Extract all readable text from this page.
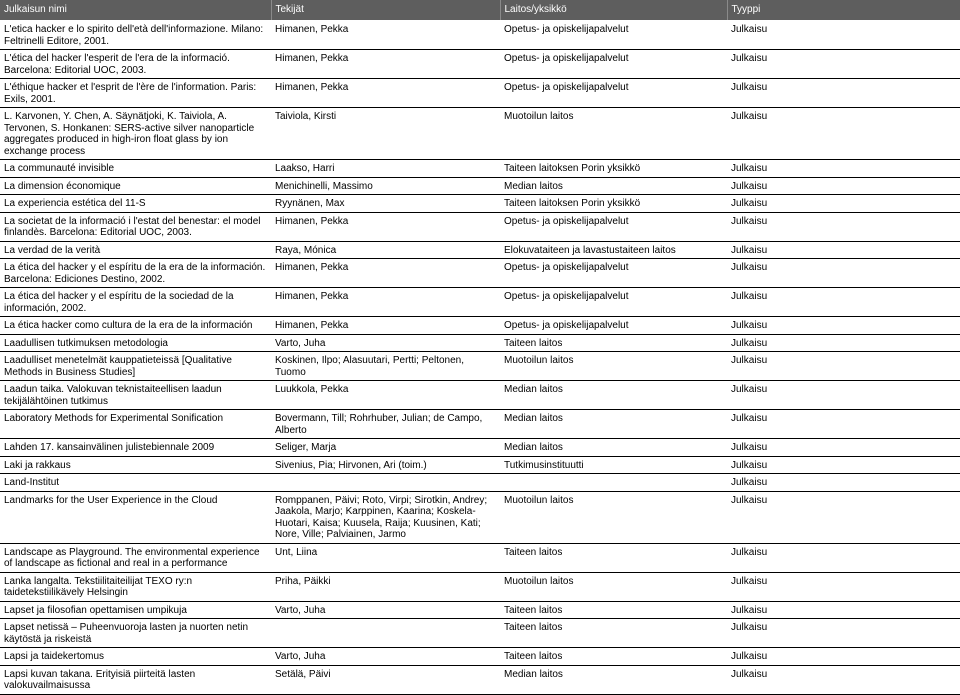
Julkaisun nimi	Tekijät	Laitos/yksikkö	Tyyppi
L'etica hacker e lo spirito dell'età dell'informazione. Milano: Feltrinelli Editore, 2001.	Himanen, Pekka	Opetus- ja opiskelijapalvelut	Julkaisu
L'ética del hacker l'esperit de l'era de la informació. Barcelona: Editorial UOC, 2003.	Himanen, Pekka	Opetus- ja opiskelijapalvelut	Julkaisu
L'éthique hacker et l'esprit de l'ère de l'information. Paris: Exils, 2001.	Himanen, Pekka	Opetus- ja opiskelijapalvelut	Julkaisu
L. Karvonen, Y. Chen, A. Säynätjoki, K. Taiviola, A. Tervonen, S. Honkanen: SERS-active silver nanoparticle aggregates produced in high-iron float glass by ion exchange process	Taiviola, Kirsti	Muotoilun laitos	Julkaisu
La communauté invisible	Laakso, Harri	Taiteen laitoksen Porin yksikkö	Julkaisu
La dimension économique	Menichinelli, Massimo	Median laitos	Julkaisu
La experiencia estética del 11-S	Ryynänen, Max	Taiteen laitoksen Porin yksikkö	Julkaisu
La societat de la informació i l'estat del benestar: el model finlandès. Barcelona: Editorial UOC, 2003.	Himanen, Pekka	Opetus- ja opiskelijapalvelut	Julkaisu
La verdad de la verità	Raya, Mónica	Elokuvataiteen ja lavastustaiteen laitos	Julkaisu
La ética del hacker y el espíritu de la era de la información. Barcelona: Ediciones Destino, 2002.	Himanen, Pekka	Opetus- ja opiskelijapalvelut	Julkaisu
La ética del hacker y el espíritu de la sociedad de la información, 2002.	Himanen, Pekka	Opetus- ja opiskelijapalvelut	Julkaisu
La ética hacker como cultura de la era de la información	Himanen, Pekka	Opetus- ja opiskelijapalvelut	Julkaisu
Laadullisen tutkimuksen metodologia	Varto, Juha	Taiteen laitos	Julkaisu
Laadulliset menetelmät kauppatieteissä [Qualitative Methods in Business Studies]	Koskinen, Ilpo; Alasuutari, Pertti; Peltonen, Tuomo	Muotoilun laitos	Julkaisu
Laadun taika. Valokuvan teknistaiteellisen laadun tekijälähtöinen tutkimus	Luukkola, Pekka	Median laitos	Julkaisu
Laboratory Methods for Experimental Sonification	Bovermann, Till; Rohrhuber, Julian; de Campo, Alberto	Median laitos	Julkaisu
Lahden 17. kansainvälinen julistebiennale 2009	Seliger, Marja	Median laitos	Julkaisu
Laki ja rakkaus	Sivenius, Pia; Hirvonen, Ari (toim.)	Tutkimusinstituutti	Julkaisu
Land-Institut			Julkaisu
Landmarks for the User Experience in the Cloud	Romppanen, Päivi; Roto, Virpi; Sirotkin, Andrey; Jaakola, Marjo; Karppinen, Kaarina; Koskela-Huotari, Kaisa; Kuusela, Raija; Kuusinen, Kati; Nore, Ville; Palviainen, Jarmo	Muotoilun laitos	Julkaisu
Landscape as Playground. The environmental experience of landscape as fictional and real in a performance	Unt, Liina	Taiteen laitos	Julkaisu
Lanka langalta. Tekstiilitaiteilijat TEXO ry:n taidetekstiilikävely Helsingin	Priha, Päikki	Muotoilun laitos	Julkaisu
Lapset ja filosofian opettamisen umpikuja	Varto, Juha	Taiteen laitos	Julkaisu
Lapset netissä – Puheenvuoroja lasten ja nuorten netin käytöstä ja riskeistä		Taiteen laitos	Julkaisu
Lapsi ja taidekertomus	Varto, Juha	Taiteen laitos	Julkaisu
Lapsi kuvan takana. Erityisiä piirteitä lasten valokuvailmaisussa	Setälä, Päivi	Median laitos	Julkaisu
